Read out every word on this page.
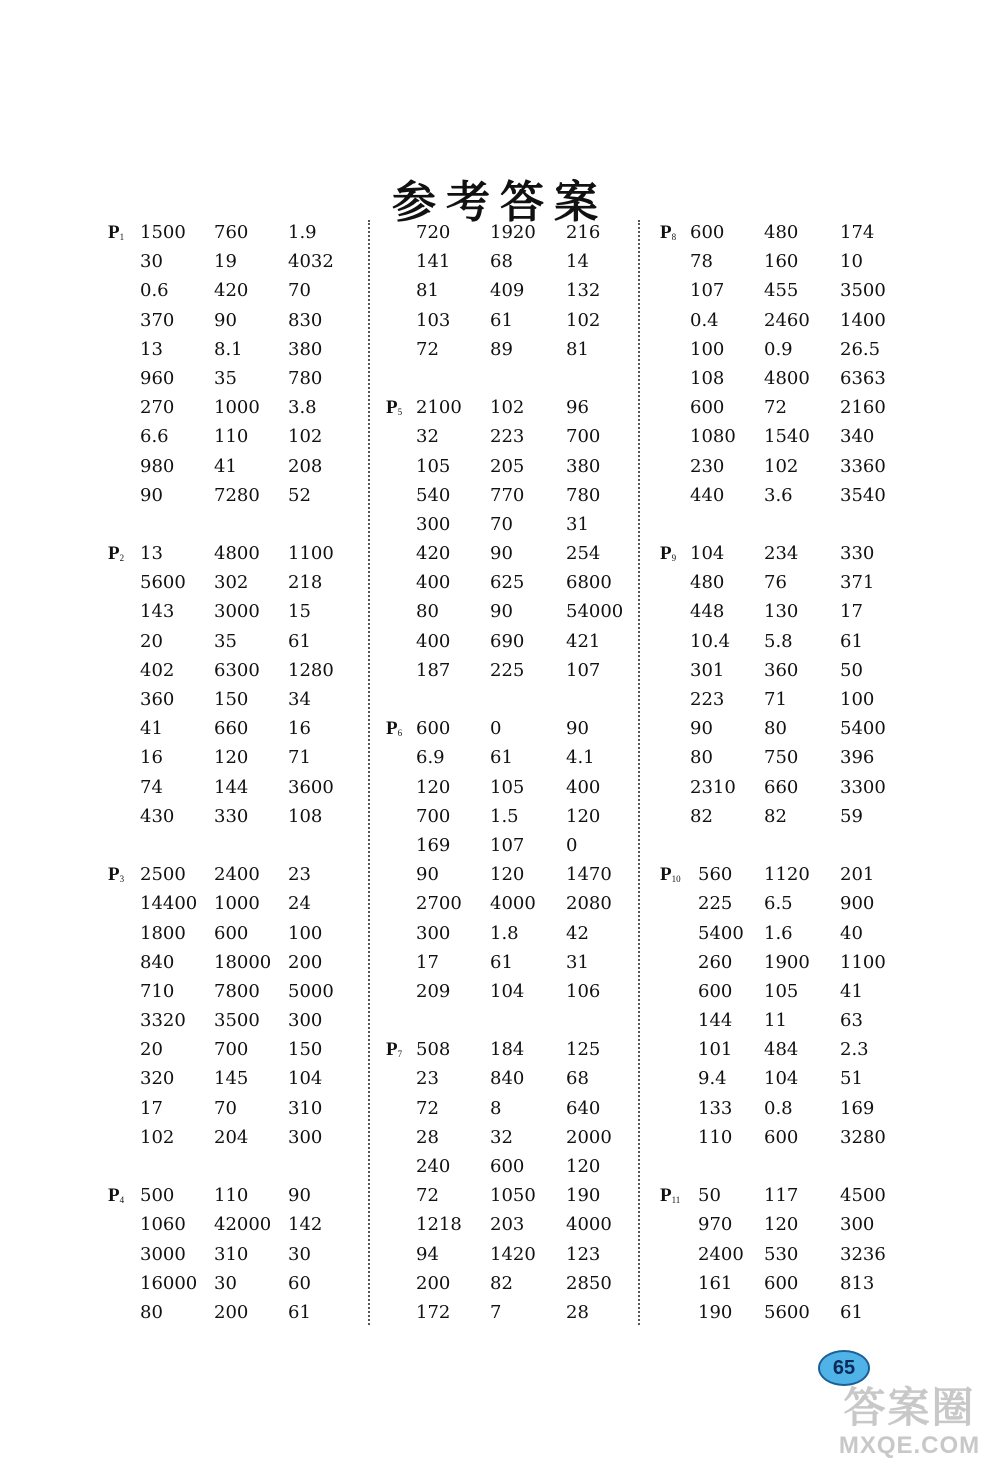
参考答案
$P_1$ 1500 760 1.9
30	19	4032
0.6	420 70
370 90	830
13	8.1	380
960 35	780
270 1000 3.8
6.6	110 102
980 41	208
90	7280 52
$P_2$ 13	4800 1100
5600 302 218
143 3000 15
20	35	61
402 6300 1280
360 150 34
41	660 16
16	120 71
74	144 3600
430 330 108
$P_3$ 2500 2400 23
14400 1000 24
1800 600 100
840 18000 200
710 7800 5000
3320 3500 300
20	700 150
320 145 104
17	70	310
102 204 300
$P_4$ 500 110 90
1060 42000 142
3000 310 30
16000 30	60
80	200 61
720 1920 216
141 68	14
81	409 132
103 61	102
72	89	81
$P_5$ 2100 102 96
32	223 700
105 205 380
540 770 780
300 70	31
420 90	254
400 625 6800
80	90	54000
400 690 421
187 225 107
$P_6$ 600 0	90
6.9	61	4.1
120 105 400
700 1.5	120
169 107 0
90	120 1470
2700 4000 2080
300 1.8	42
17	61	31
209 104 106
$P_7$ 508 184 125
23	840 68
72	8	640
28	32	2000
240 600 120
72	1050 190
1218 203 4000
94	1420 123
200 82	2850
172 7	28
$P_8$ 600 480 174
78	160 10
107 455 3500
0.4	2460 1400
100 0.9	26.5
108 4800 6363
600 72	2160
1080 1540 340
230 102 3360
440 3.6	3540
$P_9$ 104 234 330
480 76	371
448 130 17
10.4 5.8	61
301 360 50
223 71	100
90	80	5400
80	750 396
2310 660 3300
82	82	59
$P_{10}$ 560 1120 201
225 6.5	900
5400 1.6	40
260 1900 1100
600 105 41
144 11	63
101 484 2.3
9.4 104 51
133 0.8	169
110 600 3280
$P_{11}$ 50 117 4500
970 120 300
2400 530 3236
161 600 813
190 5600 61
65
答案圈
MXQE.COM
